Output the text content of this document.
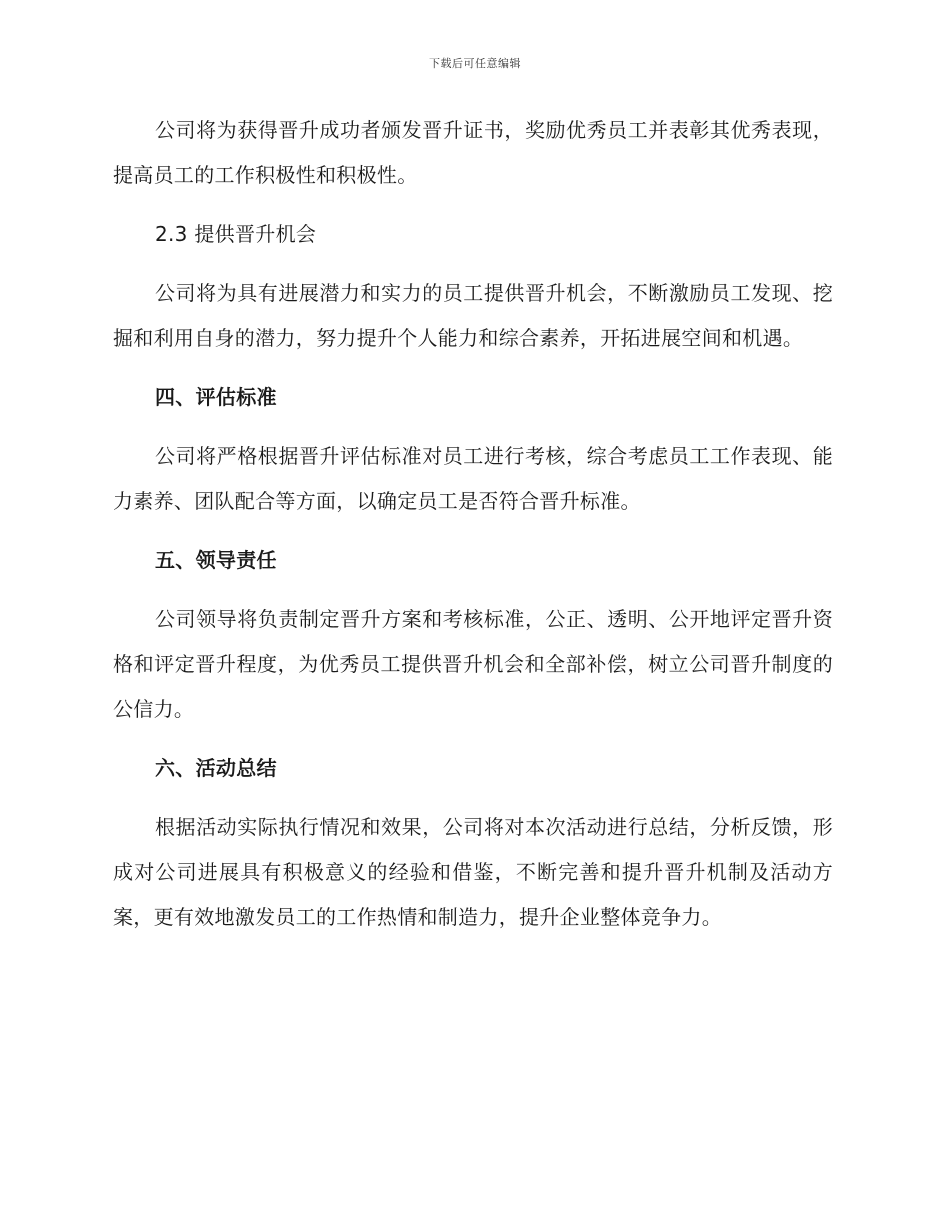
下载后可任意编辑

公司将为获得晋升成功者颁发晋升证书，奖励优秀员工并表彰其优秀表现，提高员工的工作积极性和积极性。

2.3 提供晋升机会

公司将为具有进展潜力和实力的员工提供晋升机会，不断激励员工发现、挖掘和利用自身的潜力，努力提升个人能力和综合素养，开拓进展空间和机遇。

四、评估标准

公司将严格根据晋升评估标准对员工进行考核，综合考虑员工工作表现、能力素养、团队配合等方面，以确定员工是否符合晋升标准。

五、领导责任

公司领导将负责制定晋升方案和考核标准，公正、透明、公开地评定晋升资格和评定晋升程度，为优秀员工提供晋升机会和全部补偿，树立公司晋升制度的公信力。

六、活动总结

根据活动实际执行情况和效果，公司将对本次活动进行总结，分析反馈，形成对公司进展具有积极意义的经验和借鉴，不断完善和提升晋升机制及活动方案，更有效地激发员工的工作热情和制造力，提升企业整体竞争力。
